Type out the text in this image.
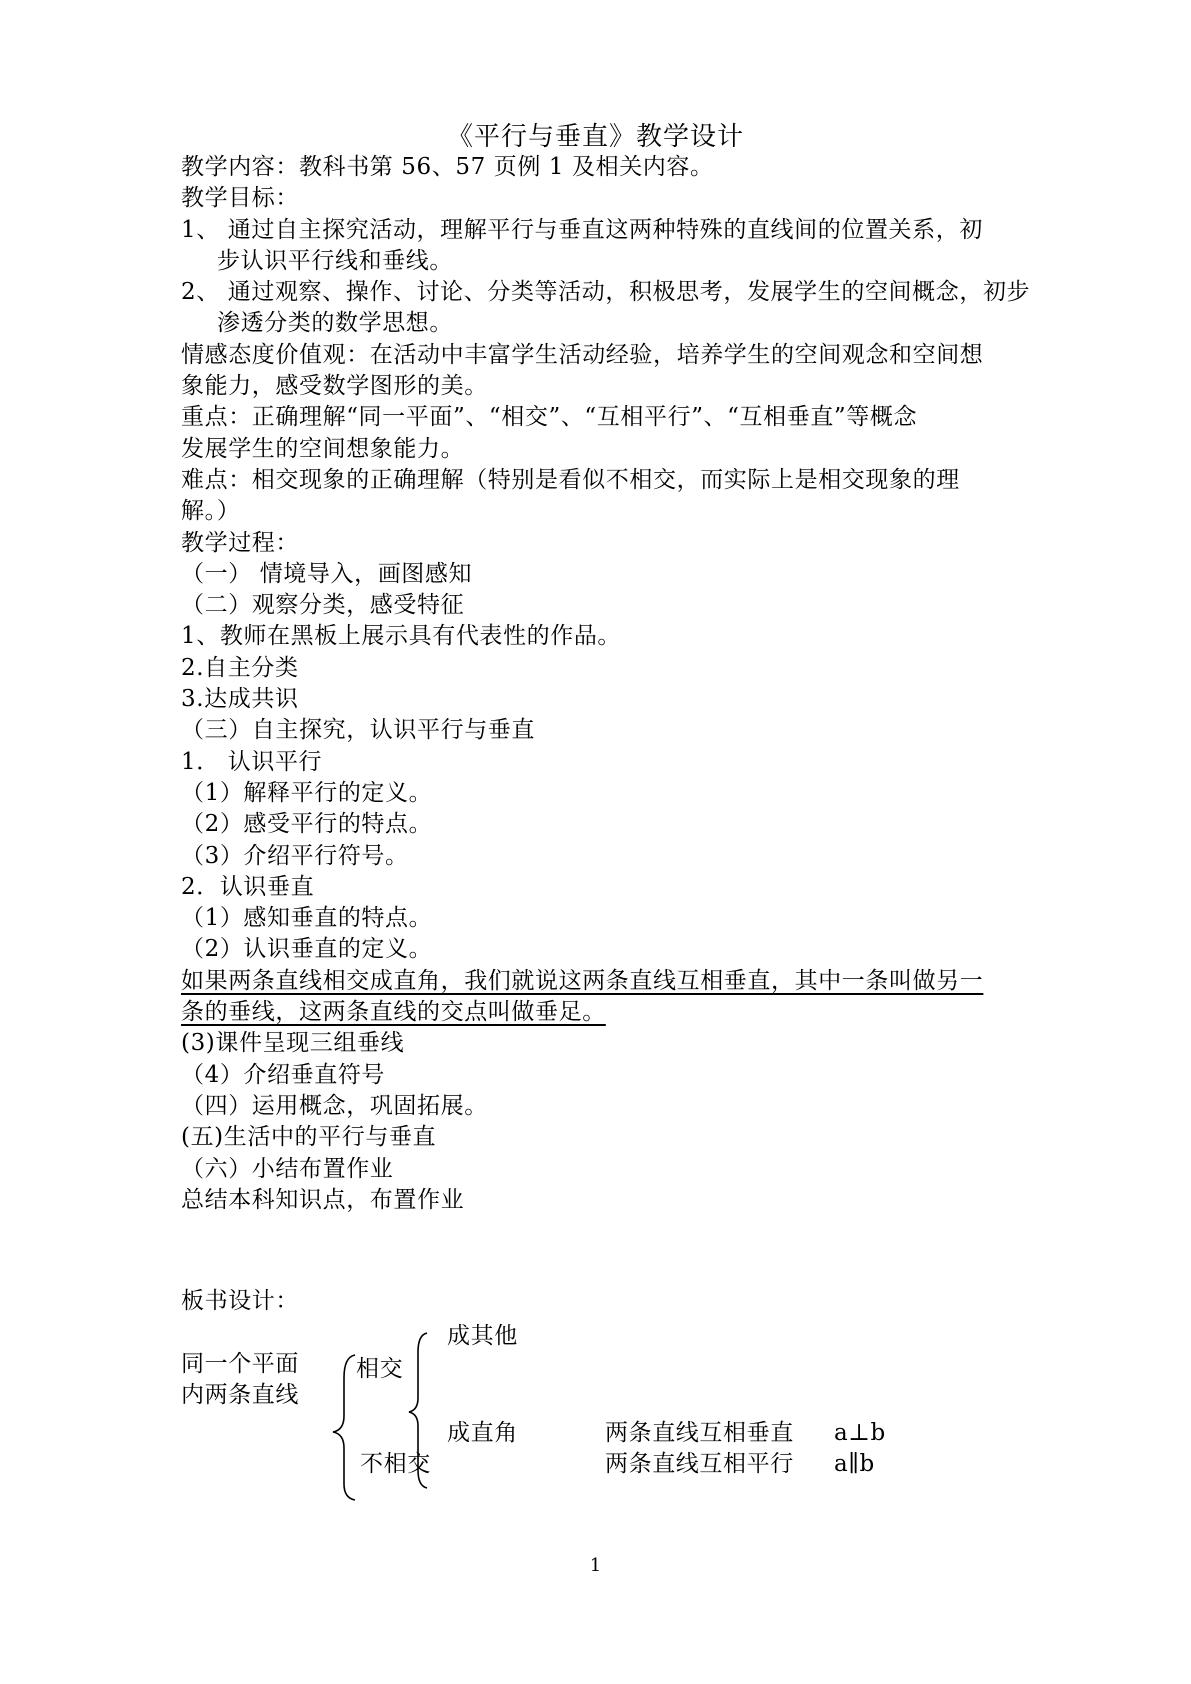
《平行与垂直》教学设计
教学内容：教科书第 56、57 页例 1 及相关内容。
教学目标：
1、 通过自主探究活动，理解平行与垂直这两种特殊的直线间的位置关系，初
步认识平行线和垂线。
2、 通过观察、操作、讨论、分类等活动，积极思考，发展学生的空间概念，初步
渗透分类的数学思想。
情感态度价值观：在活动中丰富学生活动经验，培养学生的空间观念和空间想
象能力，感受数学图形的美。
重点：正确理解“同一平面”、“相交”、“互相平行”、“互相垂直”等概念
发展学生的空间想象能力。
难点：相交现象的正确理解（特别是看似不相交，而实际上是相交现象的理
解。）
教学过程：
（一） 情境导入，画图感知
（二）观察分类，感受特征
1、教师在黑板上展示具有代表性的作品。
2.自主分类
3.达成共识
（三）自主探究，认识平行与垂直
1． 认识平行
（1）解释平行的定义。
（2）感受平行的特点。
（3）介绍平行符号。
2．认识垂直
（1）感知垂直的特点。
（2）认识垂直的定义。
如果两条直线相交成直角，我们就说这两条直线互相垂直，其中一条叫做另一
条的垂线，这两条直线的交点叫做垂足。
(3)课件呈现三组垂线
（4）介绍垂直符号
（四）运用概念，巩固拓展。
(五)生活中的平行与垂直
（六）小结布置作业
总结本科知识点，布置作业
板书设计：
同一个平面
内两条直线
相交
不相交
成其他
成直角	两条直线互相垂直
两条直线互相平行
a⊥b
a∥b
1
